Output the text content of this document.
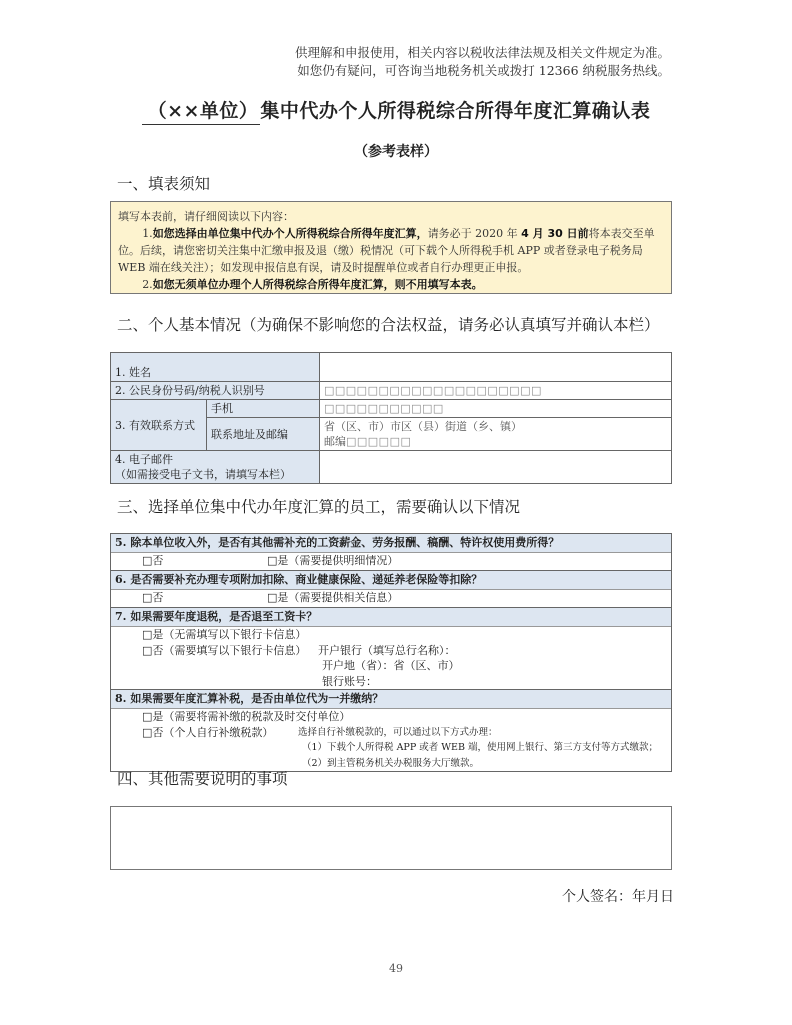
供理解和申报使用，相关内容以税收法律法规及相关文件规定为准。
如您仍有疑问，可咨询当地税务机关或拨打 12366 纳税服务热线。
（××单位） 集中代办个人所得税综合所得年度汇算确认表
（参考表样）
一、填表须知

填写本表前，请仔细阅读以下内容：

1.如您选择由单位集中代办个人所得税综合所得年度汇算，请务必于 2020 年 4 月 30 日前将本表交至单位。后续，请您密切关注集中汇缴申报及退（缴）税情况（可下载个人所得税手机 APP 或者登录电子税务局 WEB 端在线关注）；如发现申报信息有误，请及时提醒单位或者自行办理更正申报。

2.如您无须单位办理个人所得税综合所得年度汇算，则不用填写本表。

二、个人基本情况（为确保不影响您的合法权益，请务必认真填写并确认本栏）
1. 姓名		
2. 公民身份号码/纳税人识别号		□□□□□□□□□□□□□□□□□□□□
3. 有效联系方式	手机	□□□□□□□□□□□
	联系地址及邮编	省（区、市）市区（县）街道（乡、镇）
邮编□□□□□□

4. 电子邮件
（如需接受电子文书，请填写本栏）		

三、选择单位集中代办年度汇算的员工，需要确认以下情况
5. 除本单位收入外，是否有其他需补充的工资薪金、劳务报酬、稿酬、特许权使用费所得？
□否	□是（需要提供明细情况）

6. 是否需要补充办理专项附加扣除、商业健康保险、递延养老保险等扣除？
□否	□是（需要提供相关信息）

7. 如果需要年度退税，是否退至工资卡？
□是（无需填写以下银行卡信息）
□否（需要填写以下银行卡信息）	开户银行（填写总行名称）：
开户地（省）：省（区、市）
银行账号：

8. 如果需要年度汇算补税，是否由单位代为一并缴纳？
□是（需要将需补缴的税款及时交付单位）
□否（个人自行补缴税款）	选择自行补缴税款的，可以通过以下方式办理：
（1）下载个人所得税 APP 或者 WEB 端，使用网上银行、第三方支付等方式缴款；
（2）到主管税务机关办税服务大厅缴款。
四、其他需要说明的事项
个人签名：年月日
49
